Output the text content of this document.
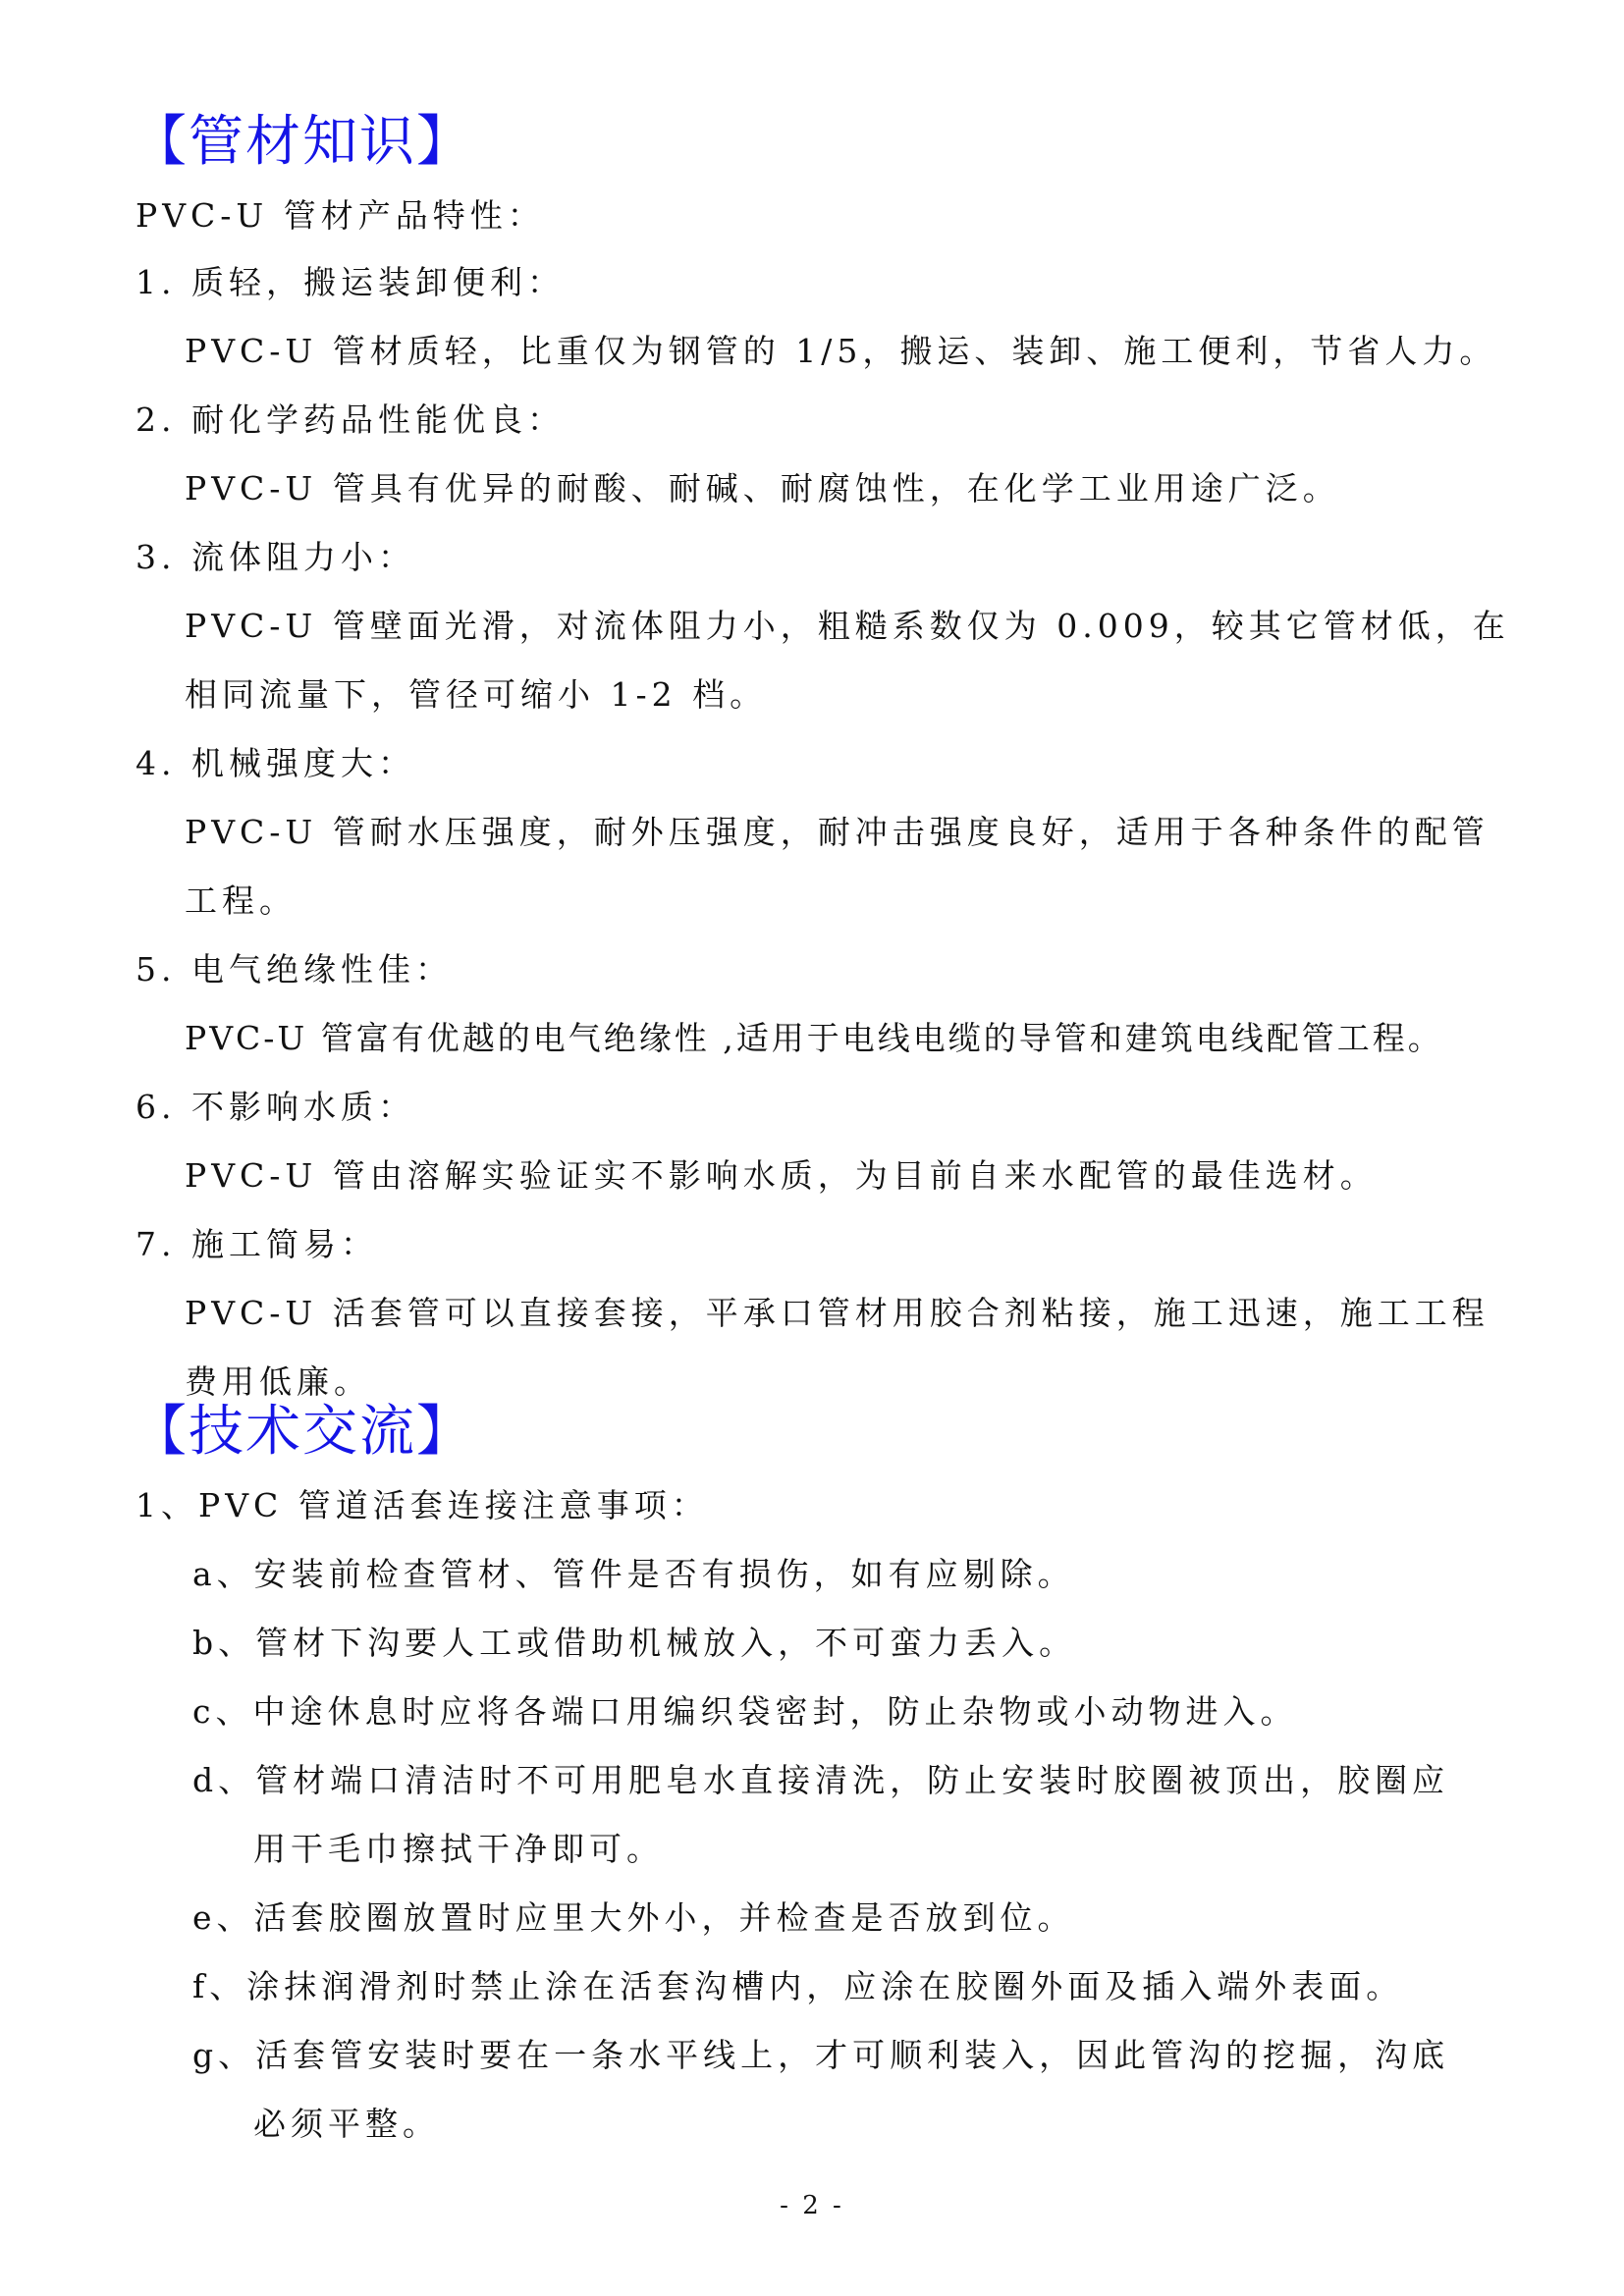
【管材知识】
PVC-U 管材产品特性：
1. 质轻，搬运装卸便利：
PVC-U 管材质轻，比重仅为钢管的 1/5，搬运、装卸、施工便利，节省人力。
2. 耐化学药品性能优良：
PVC-U 管具有优异的耐酸、耐碱、耐腐蚀性，在化学工业用途广泛。
3. 流体阻力小：
PVC-U 管壁面光滑，对流体阻力小，粗糙系数仅为 0.009，较其它管材低，在
相同流量下，管径可缩小 1-2 档。
4. 机械强度大：
PVC-U 管耐水压强度，耐外压强度，耐冲击强度良好，适用于各种条件的配管
工程。
5. 电气绝缘性佳：
PVC-U 管富有优越的电气绝缘性 ,适用于电线电缆的导管和建筑电线配管工程。
6. 不影响水质：
PVC-U 管由溶解实验证实不影响水质，为目前自来水配管的最佳选材。
7. 施工简易：
PVC-U 活套管可以直接套接，平承口管材用胶合剂粘接，施工迅速，施工工程
费用低廉。
【技术交流】
1、PVC 管道活套连接注意事项：
a、安装前检查管材、管件是否有损伤，如有应剔除。
b、管材下沟要人工或借助机械放入，不可蛮力丢入。
c、中途休息时应将各端口用编织袋密封，防止杂物或小动物进入。
d、管材端口清洁时不可用肥皂水直接清洗，防止安装时胶圈被顶出，胶圈应
用干毛巾擦拭干净即可。
e、活套胶圈放置时应里大外小，并检查是否放到位。
f、涂抹润滑剂时禁止涂在活套沟槽内，应涂在胶圈外面及插入端外表面。
g、活套管安装时要在一条水平线上，才可顺利装入，因此管沟的挖掘，沟底
必须平整。
- 2 -
